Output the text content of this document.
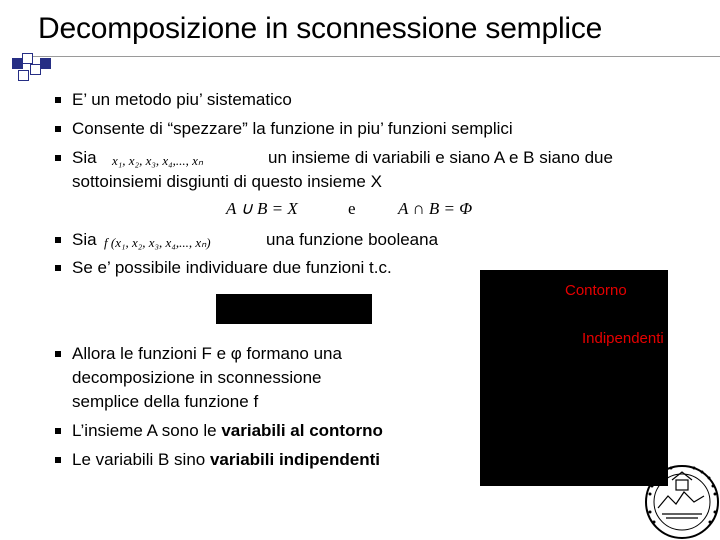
Decomposizione in sconnessione semplice
E’ un metodo piu’ sistematico
Consente di “spezzare” la funzione in piu’ funzioni semplici
Sia x₁, x₂, x₃, x₄,..., xₙ	un insieme di variabili e siano A e B siano due
sottoinsiemi disgiunti di questo insieme X
A ∪ B = X	e A ∩ B = Φ
Sia f (x₁, x₂, x₃, x₄,..., xₙ)	una funzione booleana
Se e’ possibile individuare due funzioni t.c.
Allora le funzioni F e φ formano una
decomposizione in sconnessione
semplice della funzione f
L’insieme A sono le variabili al contorno
Le variabili B sino variabili indipendenti
Contorno
Indipendenti
